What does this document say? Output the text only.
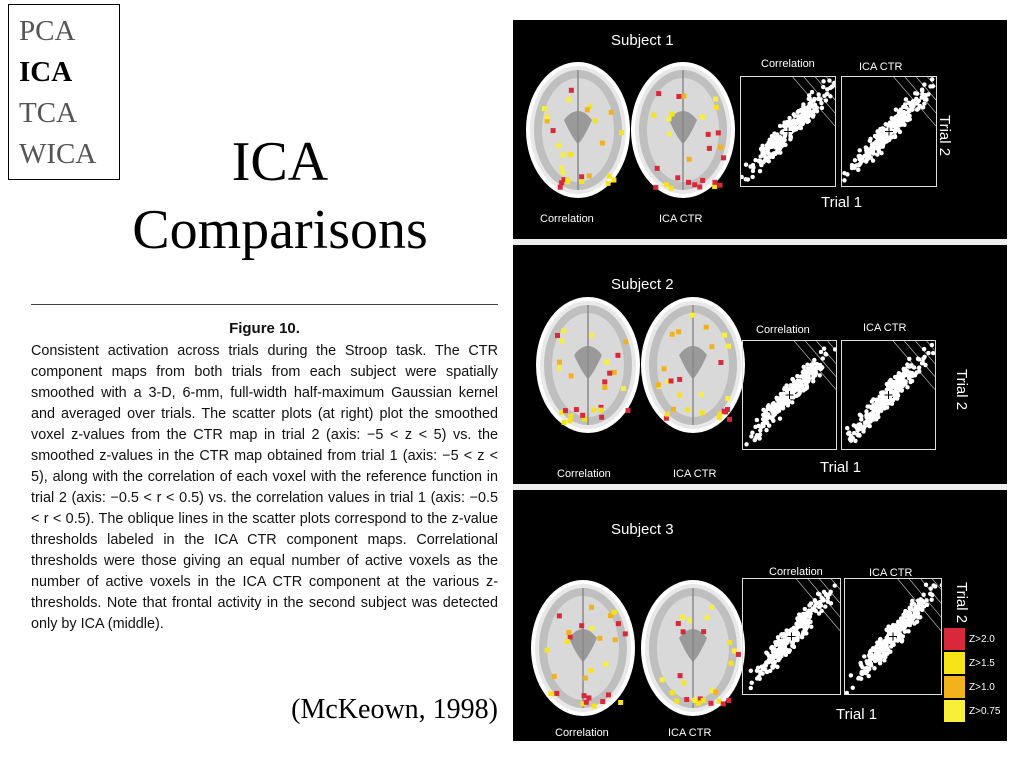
PCA
ICA
TCA
WICA	ICA
Comparisons
Figure 10.
Consistent activation across trials during the Stroop task. The CTR component maps from both trials from each subject were spatially smoothed with a 3-D, 6-mm, full-width half-maximum Gaussian kernel and averaged over trials. The scatter plots (at right) plot the smoothed voxel z-values from the CTR map in trial 2 (axis: −5 < z < 5) vs. the smoothed z-values in the CTR map obtained from trial 1 (axis: −5 < z < 5), along with the correlation of each voxel with the reference function in trial 2 (axis: −0.5 < r < 0.5) vs. the correlation values in trial 1 (axis: −0.5 < r < 0.5). The oblique lines in the scatter plots correspond to the z-value thresholds labeled in the ICA CTR component maps. Correlational thresholds were those giving an equal number of active voxels as the number of active voxels in the ICA CTR component at the various z-thresholds. Note that frontal activity in the second subject was detected only by ICA (middle).
(McKeown, 1998)
Subject 1
Correlation	ICA CTR
Trial 1
Trial 2
Correlation	ICA CTR
Subject 2
Correlation	ICA CTR
Trial 1
Trial 2
Correlation	ICA CTR
Subject 3
Correlation	ICA CTR
Trial 1
Trial 2
Correlation	ICA CTR
Z>2.0
Z>1.5
Z>1.0
Z>0.75
